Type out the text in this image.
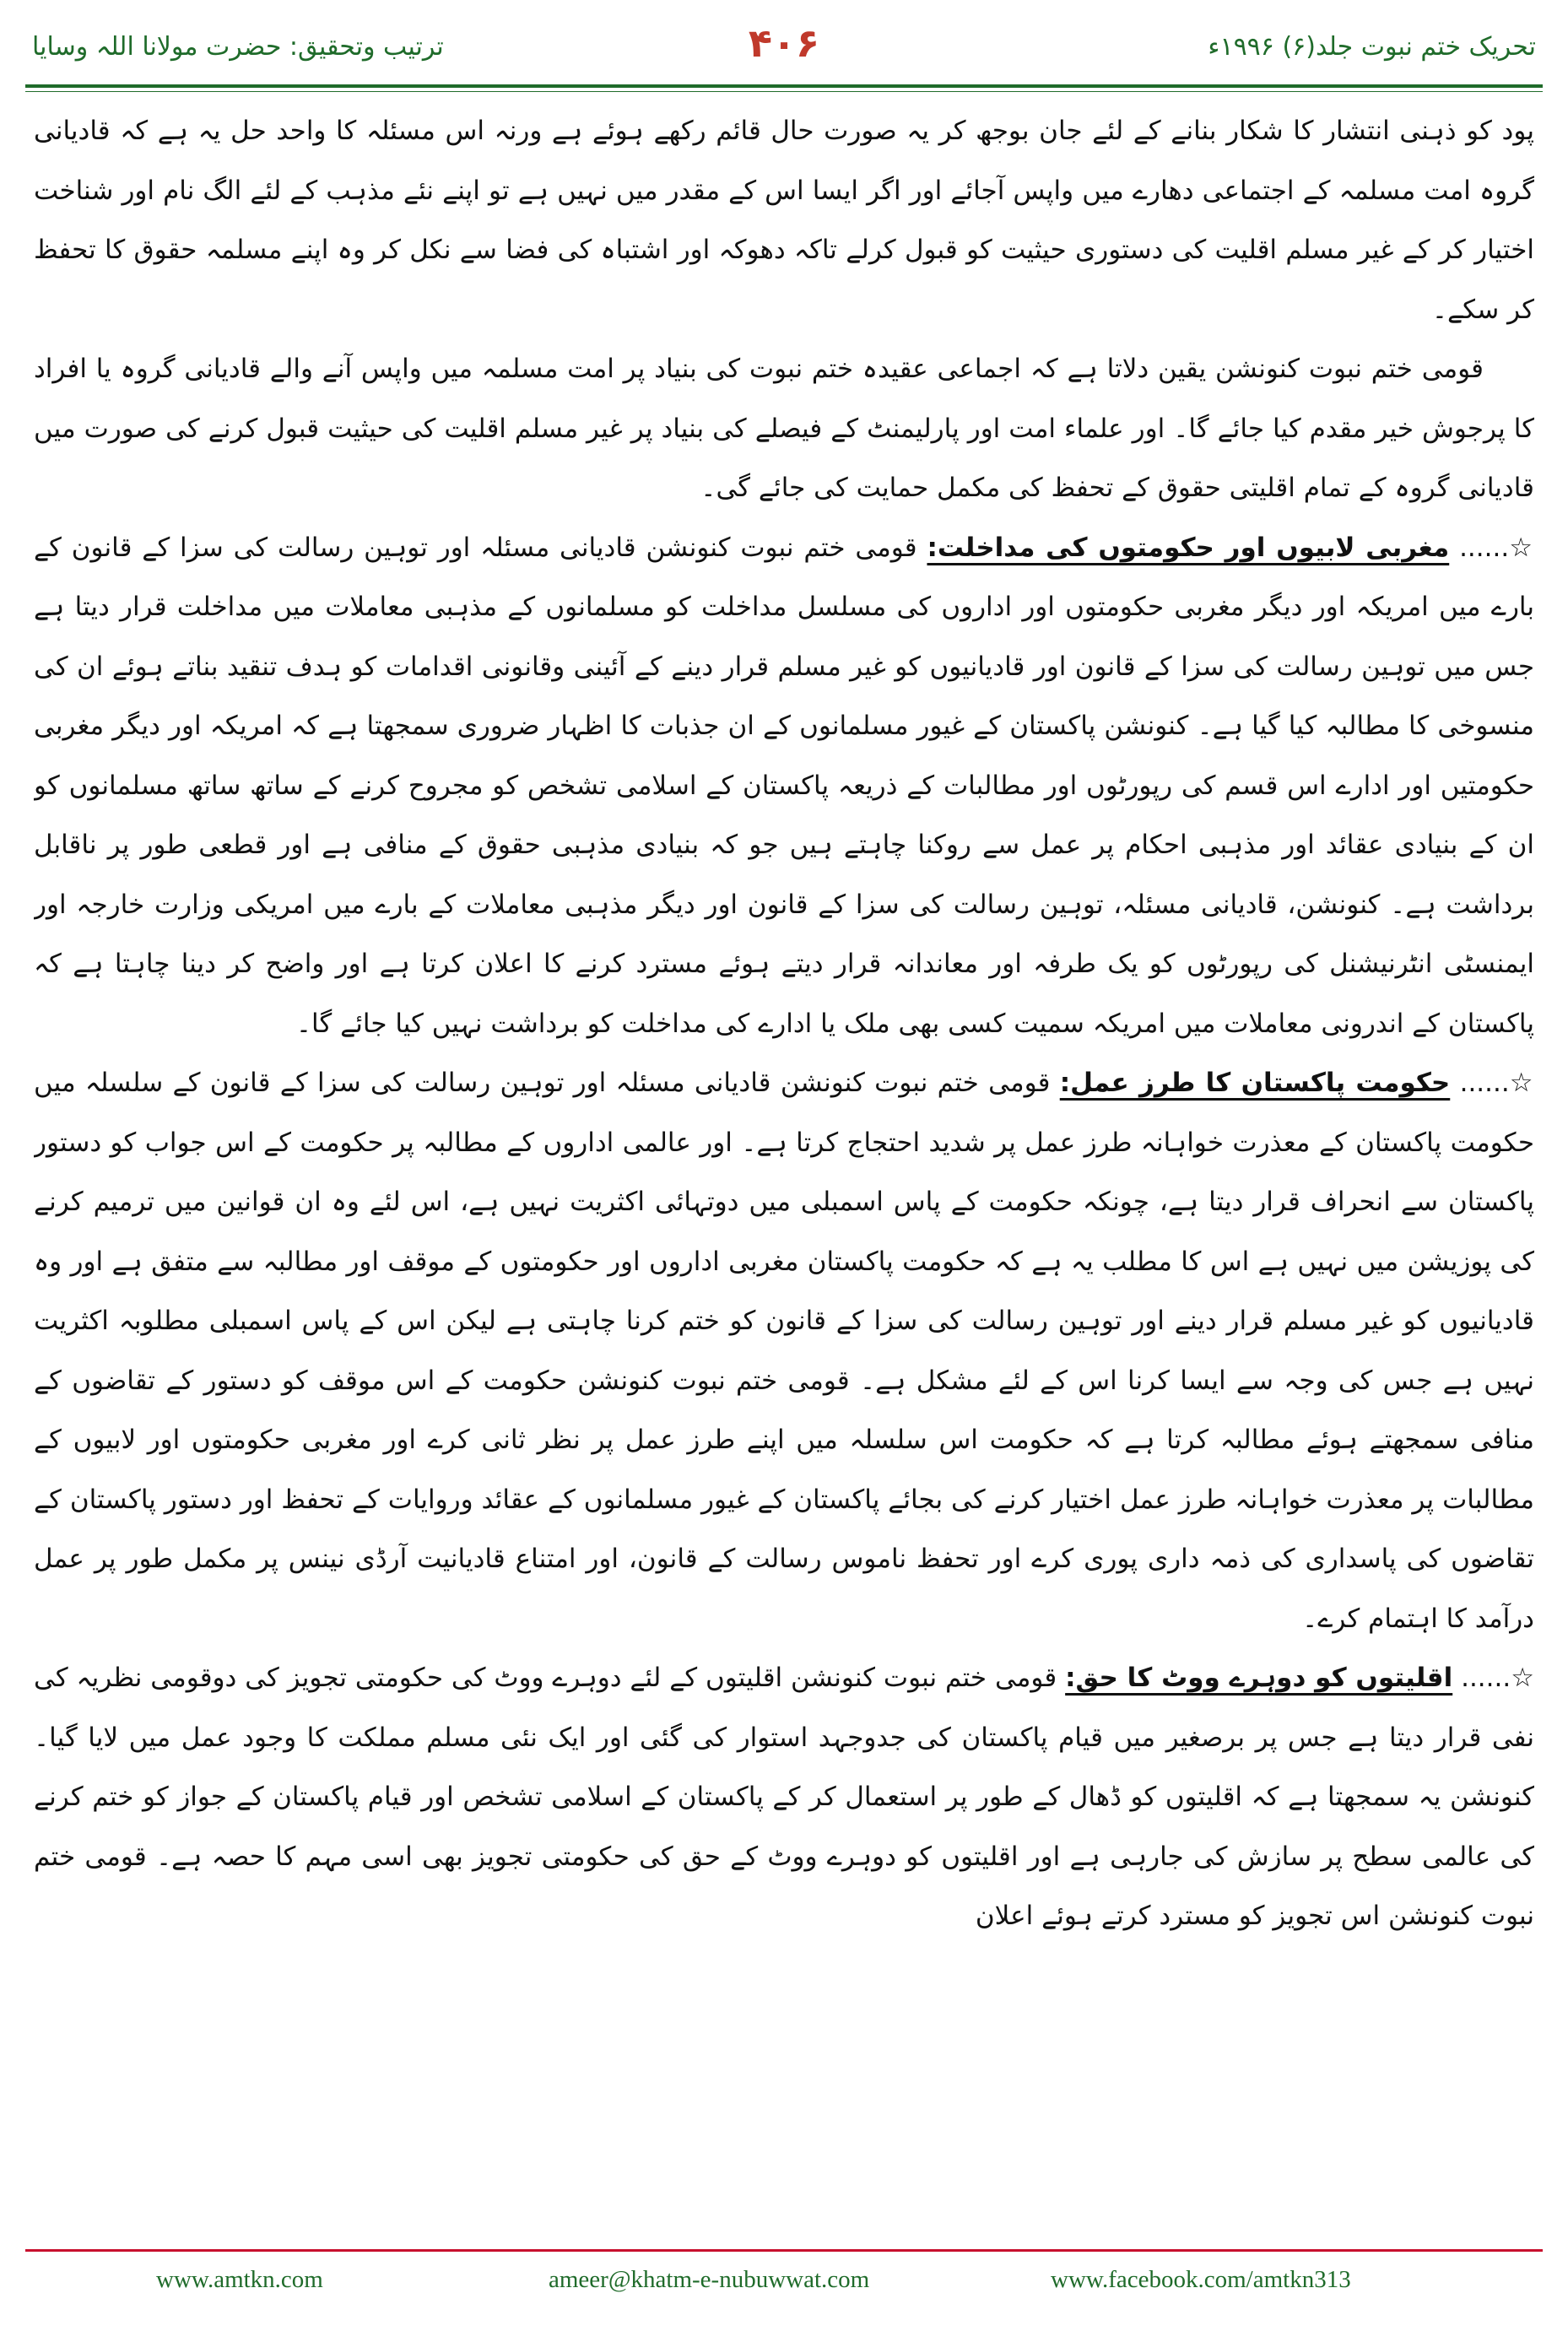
ترتیب وتحقیق: حضرت مولانا اللہ وسایا	۴۰۶	تحریک ختم نبوت جلد(۶) ۱۹۹۶ء

پود کو ذہنی انتشار کا شکار بنانے کے لئے جان بوجھ کر یہ صورت حال قائم رکھے ہوئے ہے ورنہ اس مسئلہ کا واحد حل یہ ہے کہ قادیانی گروہ امت مسلمہ کے اجتماعی دھارے میں واپس آجائے اور اگر ایسا اس کے مقدر میں نہیں ہے تو اپنے نئے مذہب کے لئے الگ نام اور شناخت اختیار کر کے غیر مسلم اقلیت کی دستوری حیثیت کو قبول کرلے تاکہ دھوکہ اور اشتباہ کی فضا سے نکل کر وہ اپنے مسلمہ حقوق کا تحفظ کر سکے۔

قومی ختم نبوت کنونشن یقین دلاتا ہے کہ اجماعی عقیدہ ختم نبوت کی بنیاد پر امت مسلمہ میں واپس آنے والے قادیانی گروہ یا افراد کا پرجوش خیر مقدم کیا جائے گا۔ اور علماء امت اور پارلیمنٹ کے فیصلے کی بنیاد پر غیر مسلم اقلیت کی حیثیت قبول کرنے کی صورت میں قادیانی گروہ کے تمام اقلیتی حقوق کے تحفظ کی مکمل حمایت کی جائے گی۔

☆...... مغربی لابیوں اور حکومتوں کی مداخلت: قومی ختم نبوت کنونشن قادیانی مسئلہ اور توہین رسالت کی سزا کے قانون کے بارے میں امریکہ اور دیگر مغربی حکومتوں اور اداروں کی مسلسل مداخلت کو مسلمانوں کے مذہبی معاملات میں مداخلت قرار دیتا ہے جس میں توہین رسالت کی سزا کے قانون اور قادیانیوں کو غیر مسلم قرار دینے کے آئینی وقانونی اقدامات کو ہدف تنقید بناتے ہوئے ان کی منسوخی کا مطالبہ کیا گیا ہے۔ کنونشن پاکستان کے غیور مسلمانوں کے ان جذبات کا اظہار ضروری سمجھتا ہے کہ امریکہ اور دیگر مغربی حکومتیں اور ادارے اس قسم کی رپورٹوں اور مطالبات کے ذریعہ پاکستان کے اسلامی تشخص کو مجروح کرنے کے ساتھ ساتھ مسلمانوں کو ان کے بنیادی عقائد اور مذہبی احکام پر عمل سے روکنا چاہتے ہیں جو کہ بنیادی مذہبی حقوق کے منافی ہے اور قطعی طور پر ناقابل برداشت ہے۔ کنونشن، قادیانی مسئلہ، توہین رسالت کی سزا کے قانون اور دیگر مذہبی معاملات کے بارے میں امریکی وزارت خارجہ اور ایمنسٹی انٹرنیشنل کی رپورٹوں کو یک طرفہ اور معاندانہ قرار دیتے ہوئے مسترد کرنے کا اعلان کرتا ہے اور واضح کر دینا چاہتا ہے کہ پاکستان کے اندرونی معاملات میں امریکہ سمیت کسی بھی ملک یا ادارے کی مداخلت کو برداشت نہیں کیا جائے گا۔

☆...... حکومت پاکستان کا طرز عمل: قومی ختم نبوت کنونشن قادیانی مسئلہ اور توہین رسالت کی سزا کے قانون کے سلسلہ میں حکومت پاکستان کے معذرت خواہانہ طرز عمل پر شدید احتجاج کرتا ہے۔ اور عالمی اداروں کے مطالبہ پر حکومت کے اس جواب کو دستور پاکستان سے انحراف قرار دیتا ہے، چونکہ حکومت کے پاس اسمبلی میں دوتہائی اکثریت نہیں ہے، اس لئے وہ ان قوانین میں ترمیم کرنے کی پوزیشن میں نہیں ہے اس کا مطلب یہ ہے کہ حکومت پاکستان مغربی اداروں اور حکومتوں کے موقف اور مطالبہ سے متفق ہے اور وہ قادیانیوں کو غیر مسلم قرار دینے اور توہین رسالت کی سزا کے قانون کو ختم کرنا چاہتی ہے لیکن اس کے پاس اسمبلی مطلوبہ اکثریت نہیں ہے جس کی وجہ سے ایسا کرنا اس کے لئے مشکل ہے۔ قومی ختم نبوت کنونشن حکومت کے اس موقف کو دستور کے تقاضوں کے منافی سمجھتے ہوئے مطالبہ کرتا ہے کہ حکومت اس سلسلہ میں اپنے طرز عمل پر نظر ثانی کرے اور مغربی حکومتوں اور لابیوں کے مطالبات پر معذرت خواہانہ طرز عمل اختیار کرنے کی بجائے پاکستان کے غیور مسلمانوں کے عقائد وروایات کے تحفظ اور دستور پاکستان کے تقاضوں کی پاسداری کی ذمہ داری پوری کرے اور تحفظ ناموس رسالت کے قانون، اور امتناع قادیانیت آرڈی نینس پر مکمل طور پر عمل درآمد کا اہتمام کرے۔

☆...... اقلیتوں کو دوہرے ووٹ کا حق: قومی ختم نبوت کنونشن اقلیتوں کے لئے دوہرے ووٹ کی حکومتی تجویز کی دوقومی نظریہ کی نفی قرار دیتا ہے جس پر برصغیر میں قیام پاکستان کی جدوجہد استوار کی گئی اور ایک نئی مسلم مملکت کا وجود عمل میں لایا گیا۔ کنونشن یہ سمجھتا ہے کہ اقلیتوں کو ڈھال کے طور پر استعمال کر کے پاکستان کے اسلامی تشخص اور قیام پاکستان کے جواز کو ختم کرنے کی عالمی سطح پر سازش کی جارہی ہے اور اقلیتوں کو دوہرے ووٹ کے حق کی حکومتی تجویز بھی اسی مہم کا حصہ ہے۔ قومی ختم نبوت کنونشن اس تجویز کو مسترد کرتے ہوئے اعلان

www.amtkn.com	ameer@khatm-e-nubuwwat.com	www.facebook.com/amtkn313
